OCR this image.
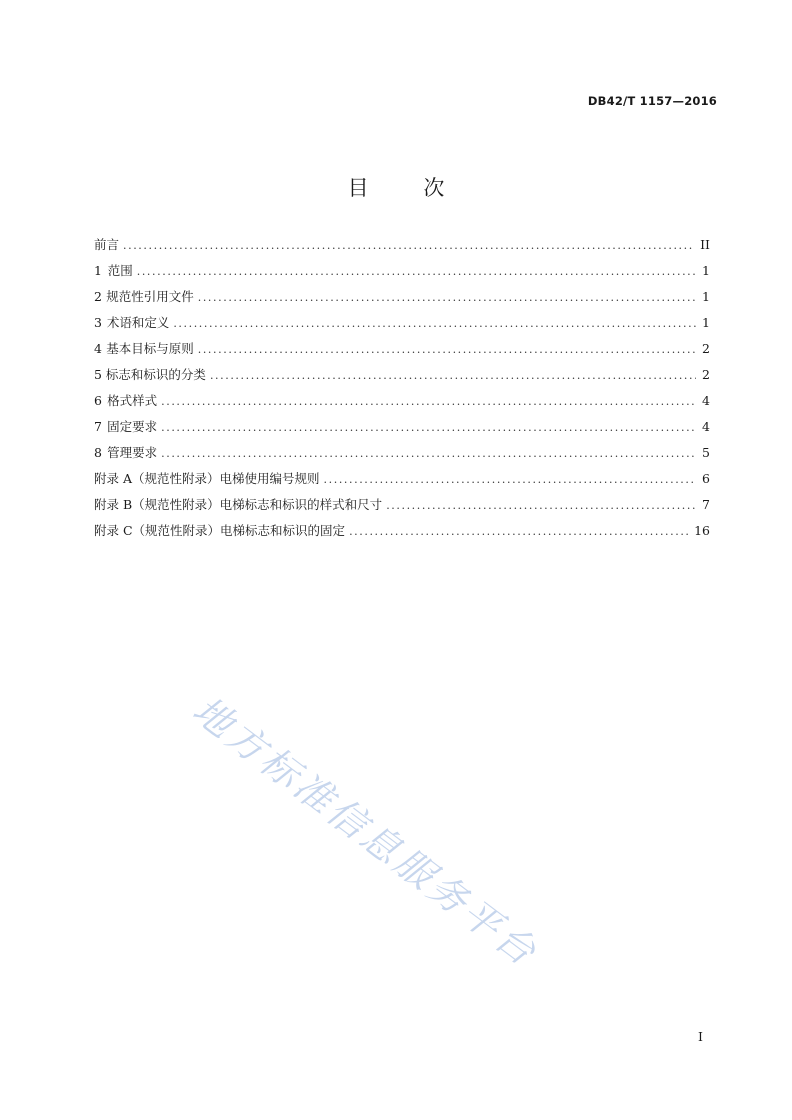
DB42/T 1157—2016
目 次
前言 .....	II
1 范围 .....	1
2 规范性引用文件 .....	1
3 术语和定义 .....	1
4 基本目标与原则 .....	2
5 标志和标识的分类 .....	2
6 格式样式 .....	4
7 固定要求 .....	4
8 管理要求 .....	5
附录 A（规范性附录） 电梯使用编号规则 .....	6
附录 B（规范性附录） 电梯标志和标识的样式和尺寸 .....	7
附录 C（规范性附录） 电梯标志和标识的固定 .....	16
地方标准信息服务平台
I
